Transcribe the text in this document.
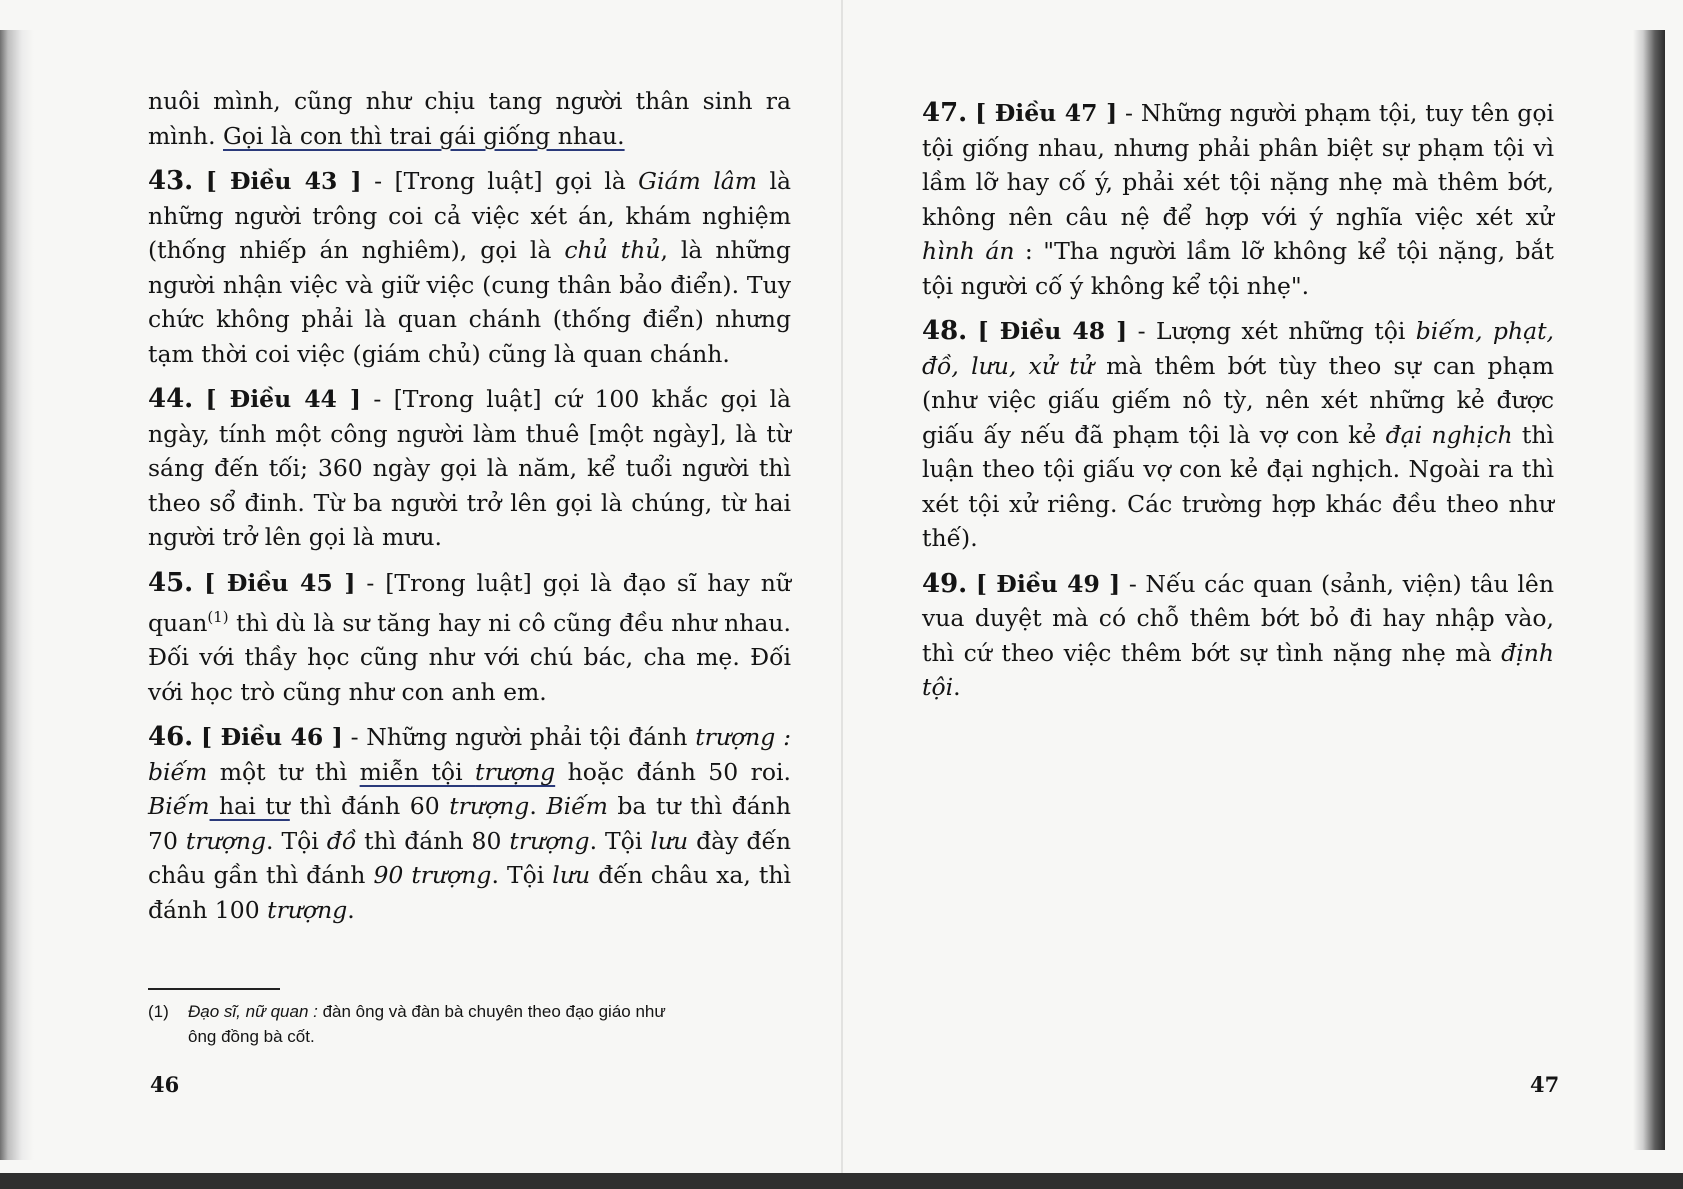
nuôi mình, cũng như chịu tang người thân sinh ra mình. Gọi là con thì trai gái giống nhau.

43. [ Điều 43 ] - [Trong luật] gọi là Giám lâm là những người trông coi cả việc xét án, khám nghiệm (thống nhiếp án nghiêm), gọi là chủ thủ, là những người nhận việc và giữ việc (cung thân bảo điển). Tuy chức không phải là quan chánh (thống điển) nhưng tạm thời coi việc (giám chủ) cũng là quan chánh.

44. [ Điều 44 ] - [Trong luật] cứ 100 khắc gọi là ngày, tính một công người làm thuê [một ngày], là từ sáng đến tối; 360 ngày gọi là năm, kể tuổi người thì theo sổ đinh. Từ ba người trở lên gọi là chúng, từ hai người trở lên gọi là mưu.

45. [ Điều 45 ] - [Trong luật] gọi là đạo sĩ hay nữ quan$^{(1)}$ thì dù là sư tăng hay ni cô cũng đều như nhau. Đối với thầy học cũng như với chú bác, cha mẹ. Đối với học trò cũng như con anh em.

46. [ Điều 46 ] - Những người phải tội đánh trượng : biếm một tư thì miễn tội trượng hoặc đánh 50 roi. Biếm hai tư thì đánh 60 trượng. Biếm ba tư thì đánh 70 trượng. Tội đồ thì đánh 80 trượng. Tội lưu đày đến châu gần thì đánh 90 trượng. Tội lưu đến châu xa, thì đánh 100 trượng.

(1) Đạo sĩ, nữ quan : đàn ông và đàn bà chuyên theo đạo giáo như
ông đồng bà cốt.
46

47. [ Điều 47 ] - Những người phạm tội, tuy tên gọi tội giống nhau, nhưng phải phân biệt sự phạm tội vì lầm lỡ hay cố ý, phải xét tội nặng nhẹ mà thêm bớt, không nên câu nệ để hợp với ý nghĩa việc xét xử hình án : "Tha người lầm lỡ không kể tội nặng, bắt tội người cố ý không kể tội nhẹ".

48. [ Điều 48 ] - Lượng xét những tội biếm, phạt, đồ, lưu, xử tử mà thêm bớt tùy theo sự can phạm (như việc giấu giếm nô tỳ, nên xét những kẻ được giấu ấy nếu đã phạm tội là vợ con kẻ đại nghịch thì luận theo tội giấu vợ con kẻ đại nghịch. Ngoài ra thì xét tội xử riêng. Các trường hợp khác đều theo như thế).

49. [ Điều 49 ] - Nếu các quan (sảnh, viện) tâu lên vua duyệt mà có chỗ thêm bớt bỏ đi hay nhập vào, thì cứ theo việc thêm bớt sự tình nặng nhẹ mà định tội.

47
